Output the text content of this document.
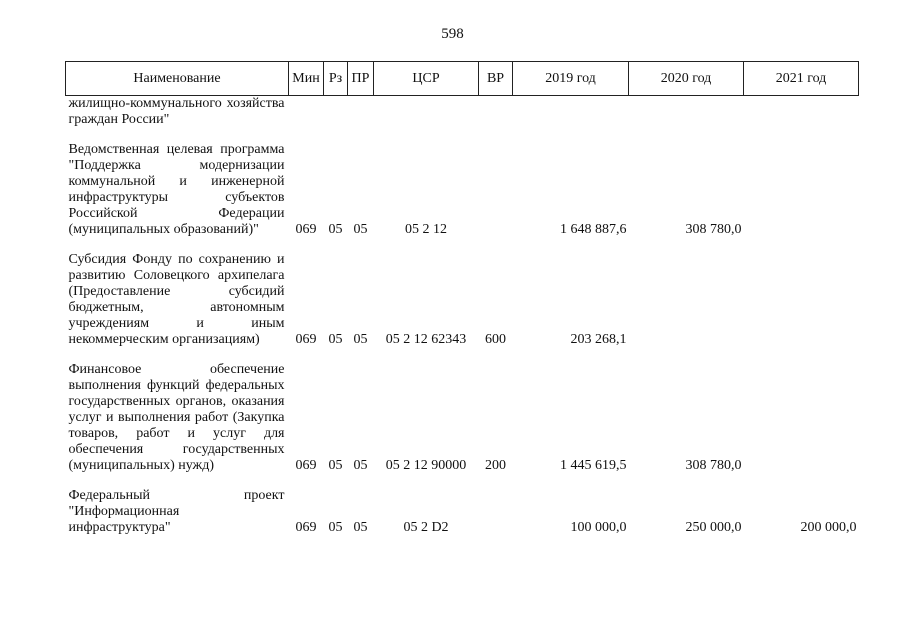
598
Наименование	Мин	Рз	ПР	ЦСР	ВР	2019 год	2020 год	2021 год
жилищно-коммунального хозяйства граждан России"								

Ведомственная целевая программа "Поддержка модернизации коммунальной и инженерной инфраструктуры субъектов Российской Федерации (муниципальных образований)"	069	05	05	05 2 12		1 648 887,6	308 780,0	

Субсидия Фонду по сохранению и развитию Соловецкого архипелага (Предоставление субсидий бюджетным, автономным учреждениям и иным некоммерческим организациям)	069	05	05	05 2 12 62343	600	203 268,1		

Финансовое обеспечение выполнения функций федеральных государственных органов, оказания услуг и выполнения работ (Закупка товаров, работ и услуг для обеспечения государственных (муниципальных) нужд)	069	05	05	05 2 12 90000	200	1 445 619,5	308 780,0	

Федеральный проект "Информационная инфраструктура"	069	05	05	05 2 D2		100 000,0	250 000,0	200 000,0
